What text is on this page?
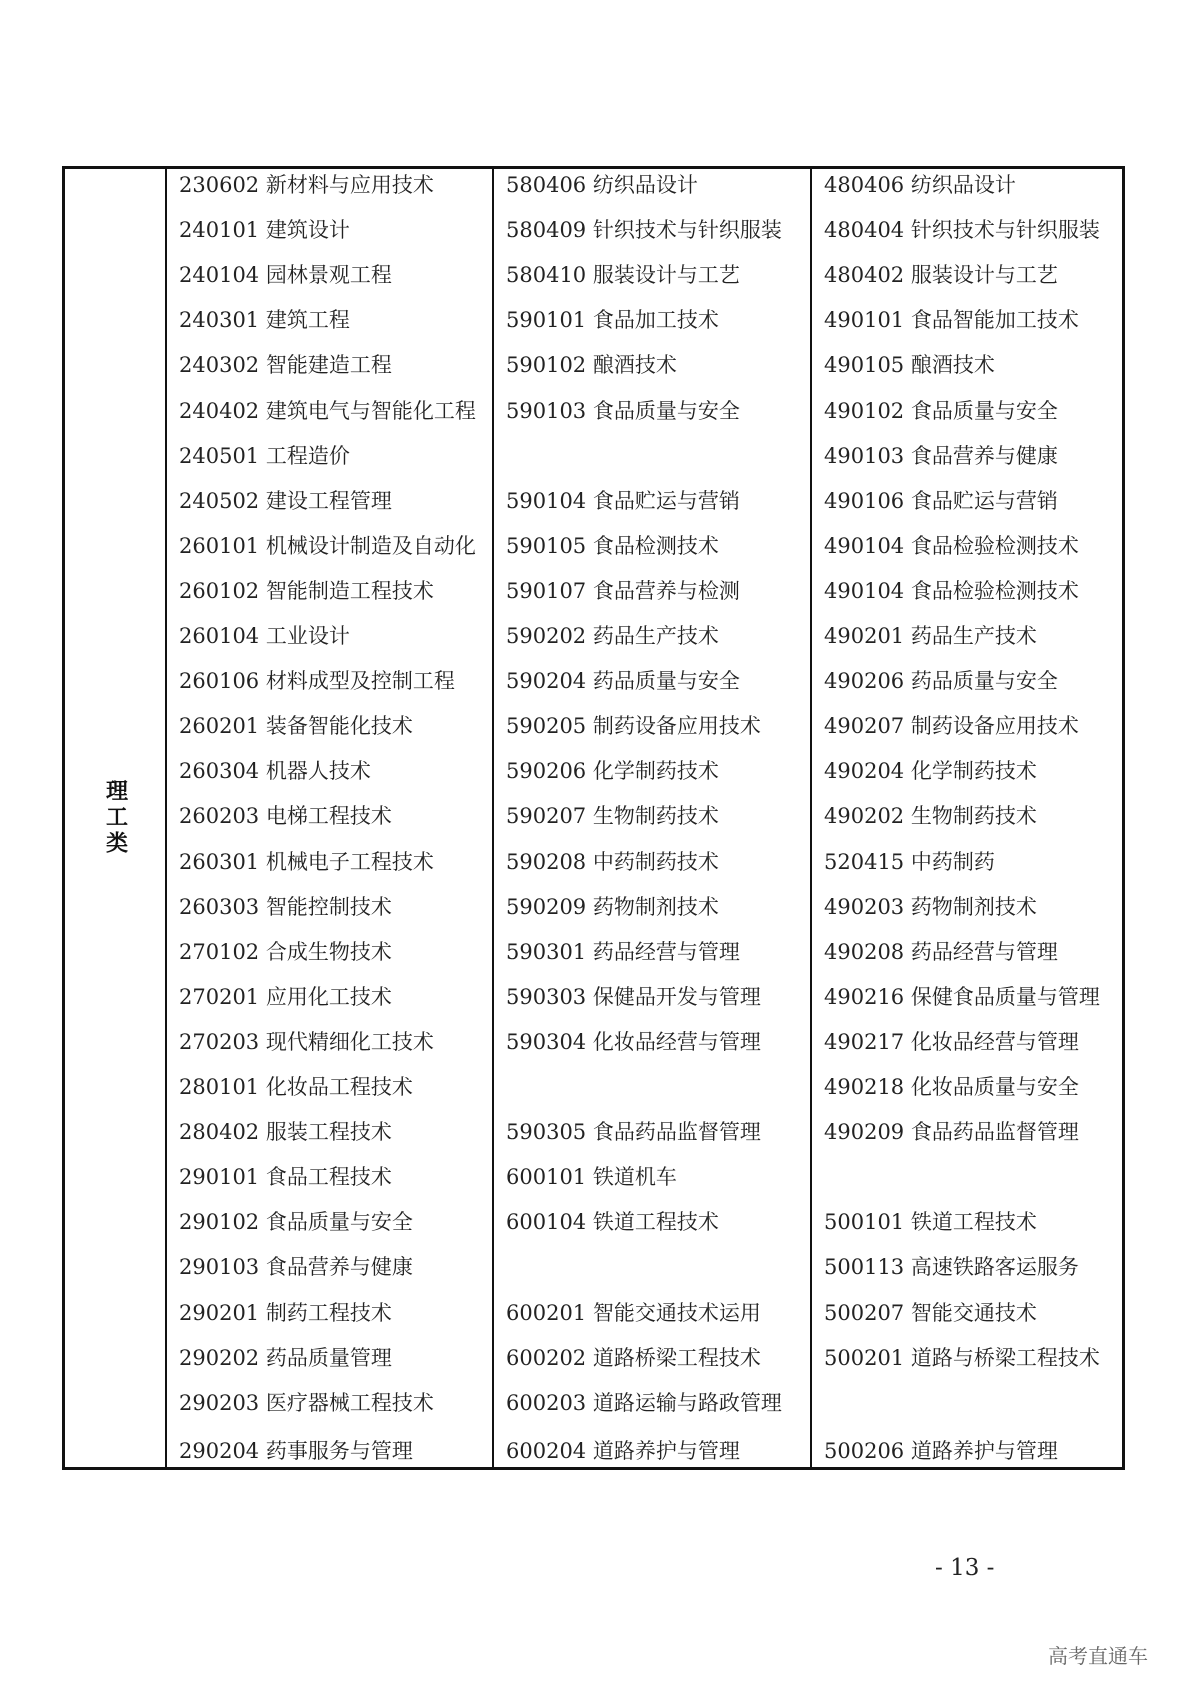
理工类
230602 新材料与应用技术
240101 建筑设计
240104 园林景观工程
240301 建筑工程
240302 智能建造工程
240402 建筑电气与智能化工程
240501 工程造价
240502 建设工程管理
260101 机械设计制造及自动化
260102 智能制造工程技术
260104 工业设计
260106 材料成型及控制工程
260201 装备智能化技术
260304 机器人技术
260203 电梯工程技术
260301 机械电子工程技术
260303 智能控制技术
270102 合成生物技术
270201 应用化工技术
270203 现代精细化工技术
280101 化妆品工程技术
280402 服装工程技术
290101 食品工程技术
290102 食品质量与安全
290103 食品营养与健康
290201 制药工程技术
290202 药品质量管理
290203 医疗器械工程技术
290204 药事服务与管理
580406 纺织品设计
580409 针织技术与针织服装
580410 服装设计与工艺
590101 食品加工技术
590102 酿酒技术
590103 食品质量与安全
590104 食品贮运与营销
590105 食品检测技术
590107 食品营养与检测
590202 药品生产技术
590204 药品质量与安全
590205 制药设备应用技术
590206 化学制药技术
590207 生物制药技术
590208 中药制药技术
590209 药物制剂技术
590301 药品经营与管理
590303 保健品开发与管理
590304 化妆品经营与管理
590305 食品药品监督管理
600101 铁道机车
600104 铁道工程技术
600201 智能交通技术运用
600202 道路桥梁工程技术
600203 道路运输与路政管理
600204 道路养护与管理
480406 纺织品设计
480404 针织技术与针织服装
480402 服装设计与工艺
490101 食品智能加工技术
490105 酿酒技术
490102 食品质量与安全
490103 食品营养与健康
490106 食品贮运与营销
490104 食品检验检测技术
490104 食品检验检测技术
490201 药品生产技术
490206 药品质量与安全
490207 制药设备应用技术
490204 化学制药技术
490202 生物制药技术
520415 中药制药
490203 药物制剂技术
490208 药品经营与管理
490216 保健食品质量与管理
490217 化妆品经营与管理
490218 化妆品质量与安全
490209 食品药品监督管理
500101 铁道工程技术
500113 高速铁路客运服务
500207 智能交通技术
500201 道路与桥梁工程技术
500206 道路养护与管理
- 13 -
高考直通车
